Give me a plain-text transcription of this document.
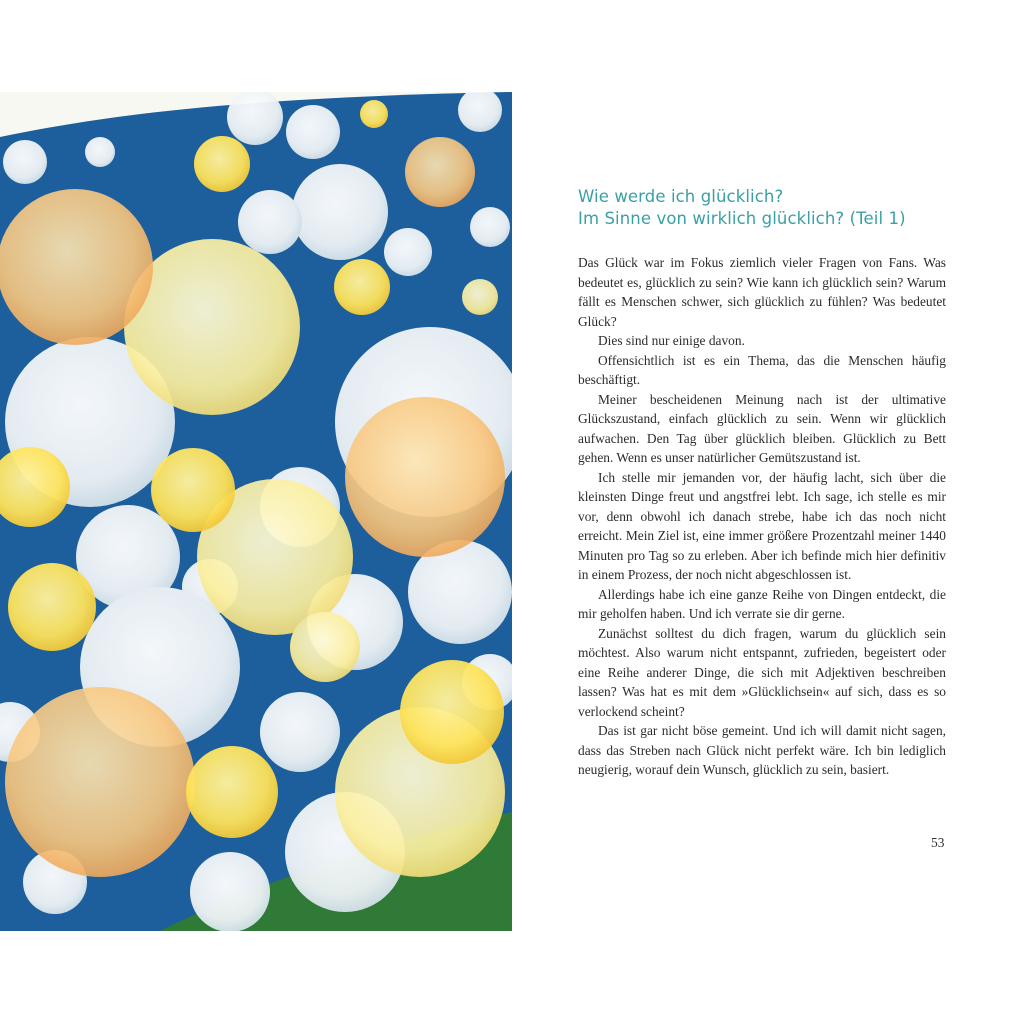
Wie werde ich glücklich?
Im Sinne von wirklich glücklich? (Teil 1)

Das Glück war im Fokus ziemlich vieler Fragen von Fans. Was bedeutet es, glücklich zu sein? Wie kann ich glücklich sein? Warum fällt es Menschen schwer, sich glücklich zu fühlen? Was bedeutet Glück?

Dies sind nur einige davon.

Offensichtlich ist es ein Thema, das die Menschen häufig beschäftigt.

Meiner bescheidenen Meinung nach ist der ultimative Glückszustand, einfach glücklich zu sein. Wenn wir glücklich aufwachen. Den Tag über glücklich bleiben. Glücklich zu Bett gehen. Wenn es unser natürlicher Gemütszustand ist.

Ich stelle mir jemanden vor, der häufig lacht, sich über die kleinsten Dinge freut und angstfrei lebt. Ich sage, ich stelle es mir vor, denn obwohl ich danach strebe, habe ich das noch nicht erreicht. Mein Ziel ist, eine immer größere Prozentzahl meiner 1440 Minuten pro Tag so zu erleben. Aber ich befinde mich hier definitiv in einem Prozess, der noch nicht abgeschlossen ist.

Allerdings habe ich eine ganze Reihe von Dingen entdeckt, die mir geholfen haben. Und ich verrate sie dir gerne.

Zunächst solltest du dich fragen, warum du glücklich sein möchtest. Also warum nicht entspannt, zufrieden, begeistert oder eine Reihe anderer Dinge, die sich mit Adjektiven beschreiben lassen? Was hat es mit dem »Glücklichsein« auf sich, dass es so verlockend scheint?

Das ist gar nicht böse gemeint. Und ich will damit nicht sagen, dass das Streben nach Glück nicht perfekt wäre. Ich bin lediglich neugierig, worauf dein Wunsch, glücklich zu sein, basiert.

53
